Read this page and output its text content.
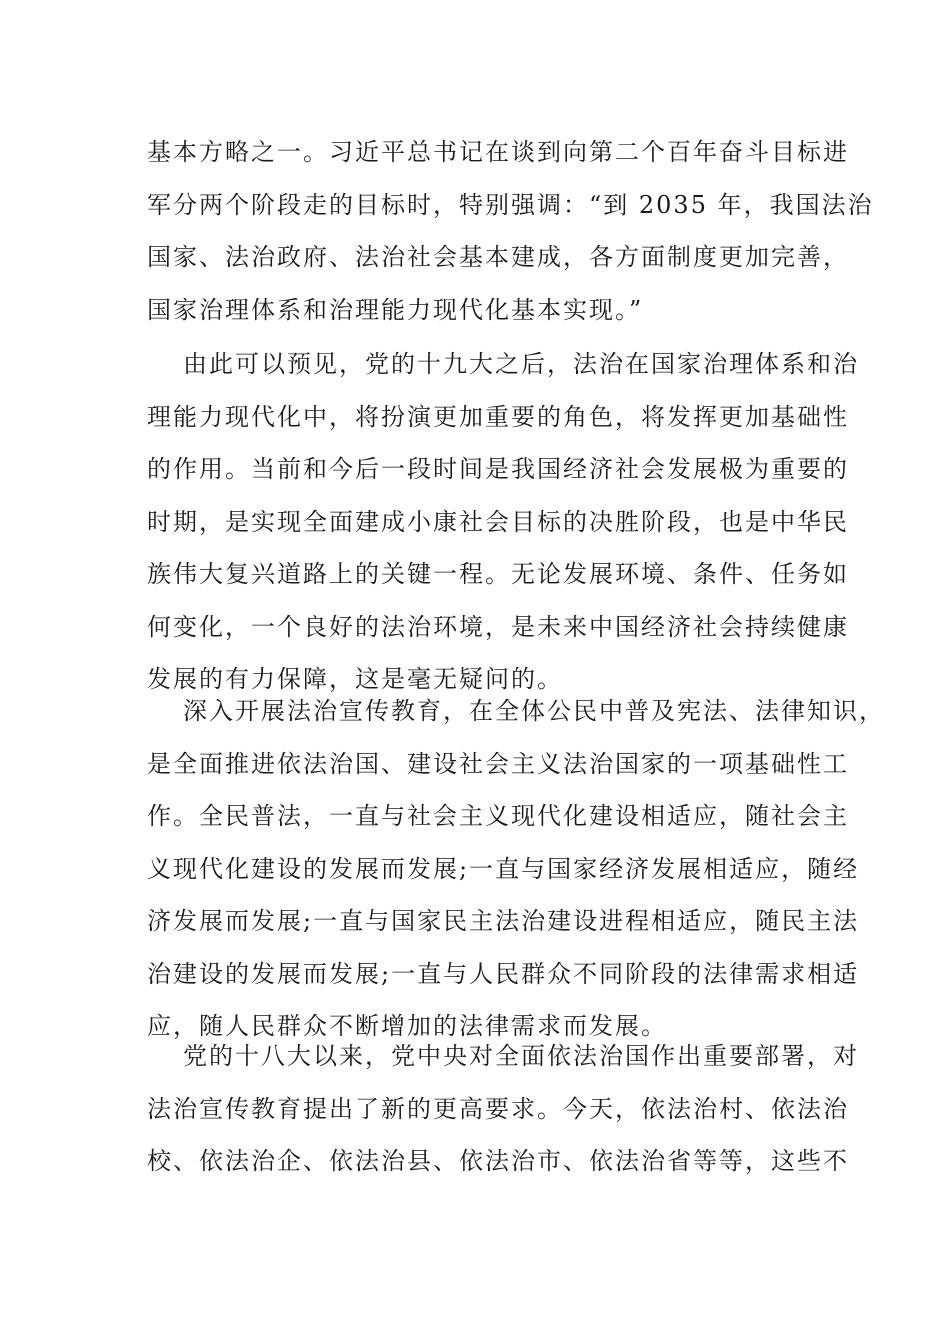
基本方略之一。习近平总书记在谈到向第二个百年奋斗目标进
军分两个阶段走的目标时，特别强调：“到 2035 年，我国法治
国家、法治政府、法治社会基本建成，各方面制度更加完善，
国家治理体系和治理能力现代化基本实现。”
由此可以预见，党的十九大之后，法治在国家治理体系和治
理能力现代化中，将扮演更加重要的角色，将发挥更加基础性
的作用。当前和今后一段时间是我国经济社会发展极为重要的
时期，是实现全面建成小康社会目标的决胜阶段，也是中华民
族伟大复兴道路上的关键一程。无论发展环境、条件、任务如
何变化，一个良好的法治环境，是未来中国经济社会持续健康
发展的有力保障，这是毫无疑问的。
深入开展法治宣传教育，在全体公民中普及宪法、法律知识，
是全面推进依法治国、建设社会主义法治国家的一项基础性工
作。全民普法，一直与社会主义现代化建设相适应，随社会主
义现代化建设的发展而发展;一直与国家经济发展相适应，随经
济发展而发展;一直与国家民主法治建设进程相适应，随民主法
治建设的发展而发展;一直与人民群众不同阶段的法律需求相适
应，随人民群众不断增加的法律需求而发展。
党的十八大以来，党中央对全面依法治国作出重要部署，对
法治宣传教育提出了新的更高要求。今天，依法治村、依法治
校、依法治企、依法治县、依法治市、依法治省等等，这些不
